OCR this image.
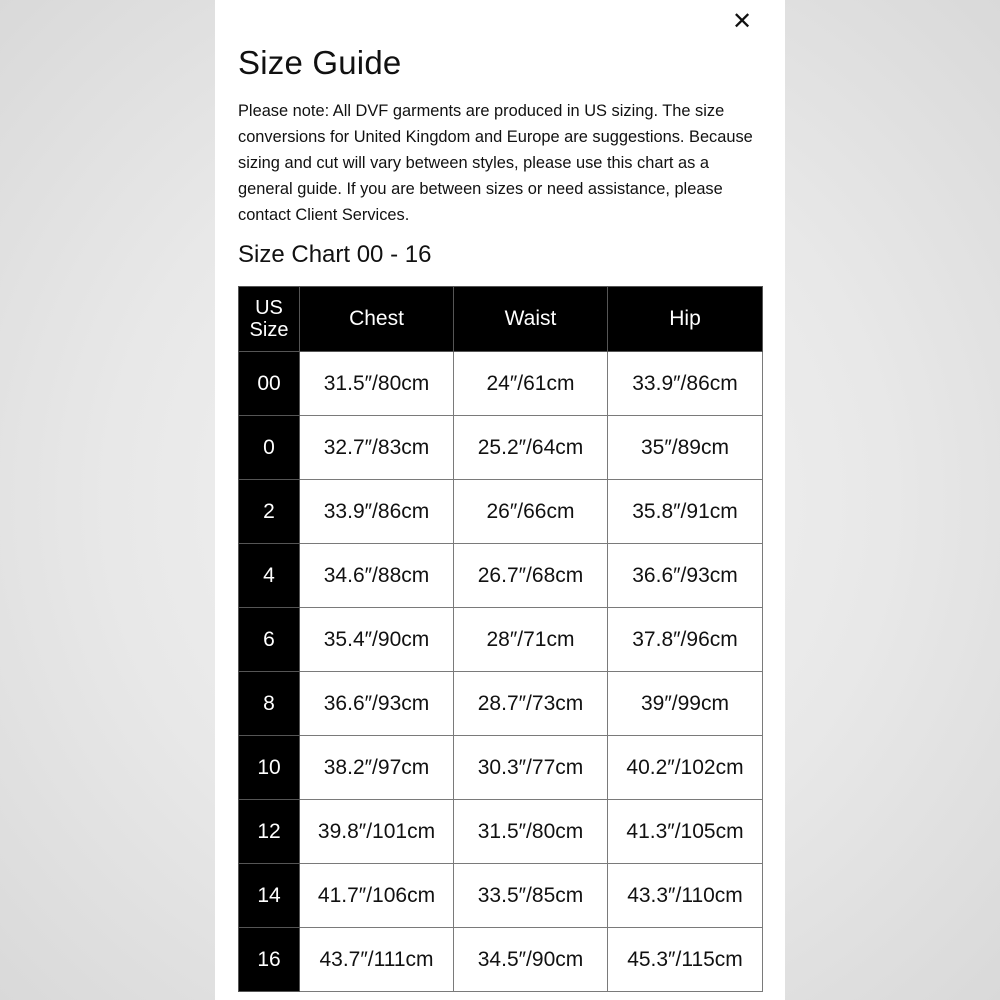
✕
Size Guide

Please note: All DVF garments are produced in US sizing. The size conversions for United Kingdom and Europe are suggestions. Because sizing and cut will vary between styles, please use this chart as a general guide. If you are between sizes or need assistance, please contact Client Services.

Size Chart 00 - 16
US
Size	Chest	Waist	Hip
00	31.5″/80cm	24″/61cm	33.9″/86cm
0	32.7″/83cm	25.2″/64cm	35″/89cm
2	33.9″/86cm	26″/66cm	35.8″/91cm
4	34.6″/88cm	26.7″/68cm	36.6″/93cm
6	35.4″/90cm	28″/71cm	37.8″/96cm
8	36.6″/93cm	28.7″/73cm	39″/99cm
10	38.2″/97cm	30.3″/77cm	40.2″/102cm
12	39.8″/101cm	31.5″/80cm	41.3″/105cm
14	41.7″/106cm	33.5″/85cm	43.3″/110cm
16	43.7″/111cm	34.5″/90cm	45.3″/115cm
